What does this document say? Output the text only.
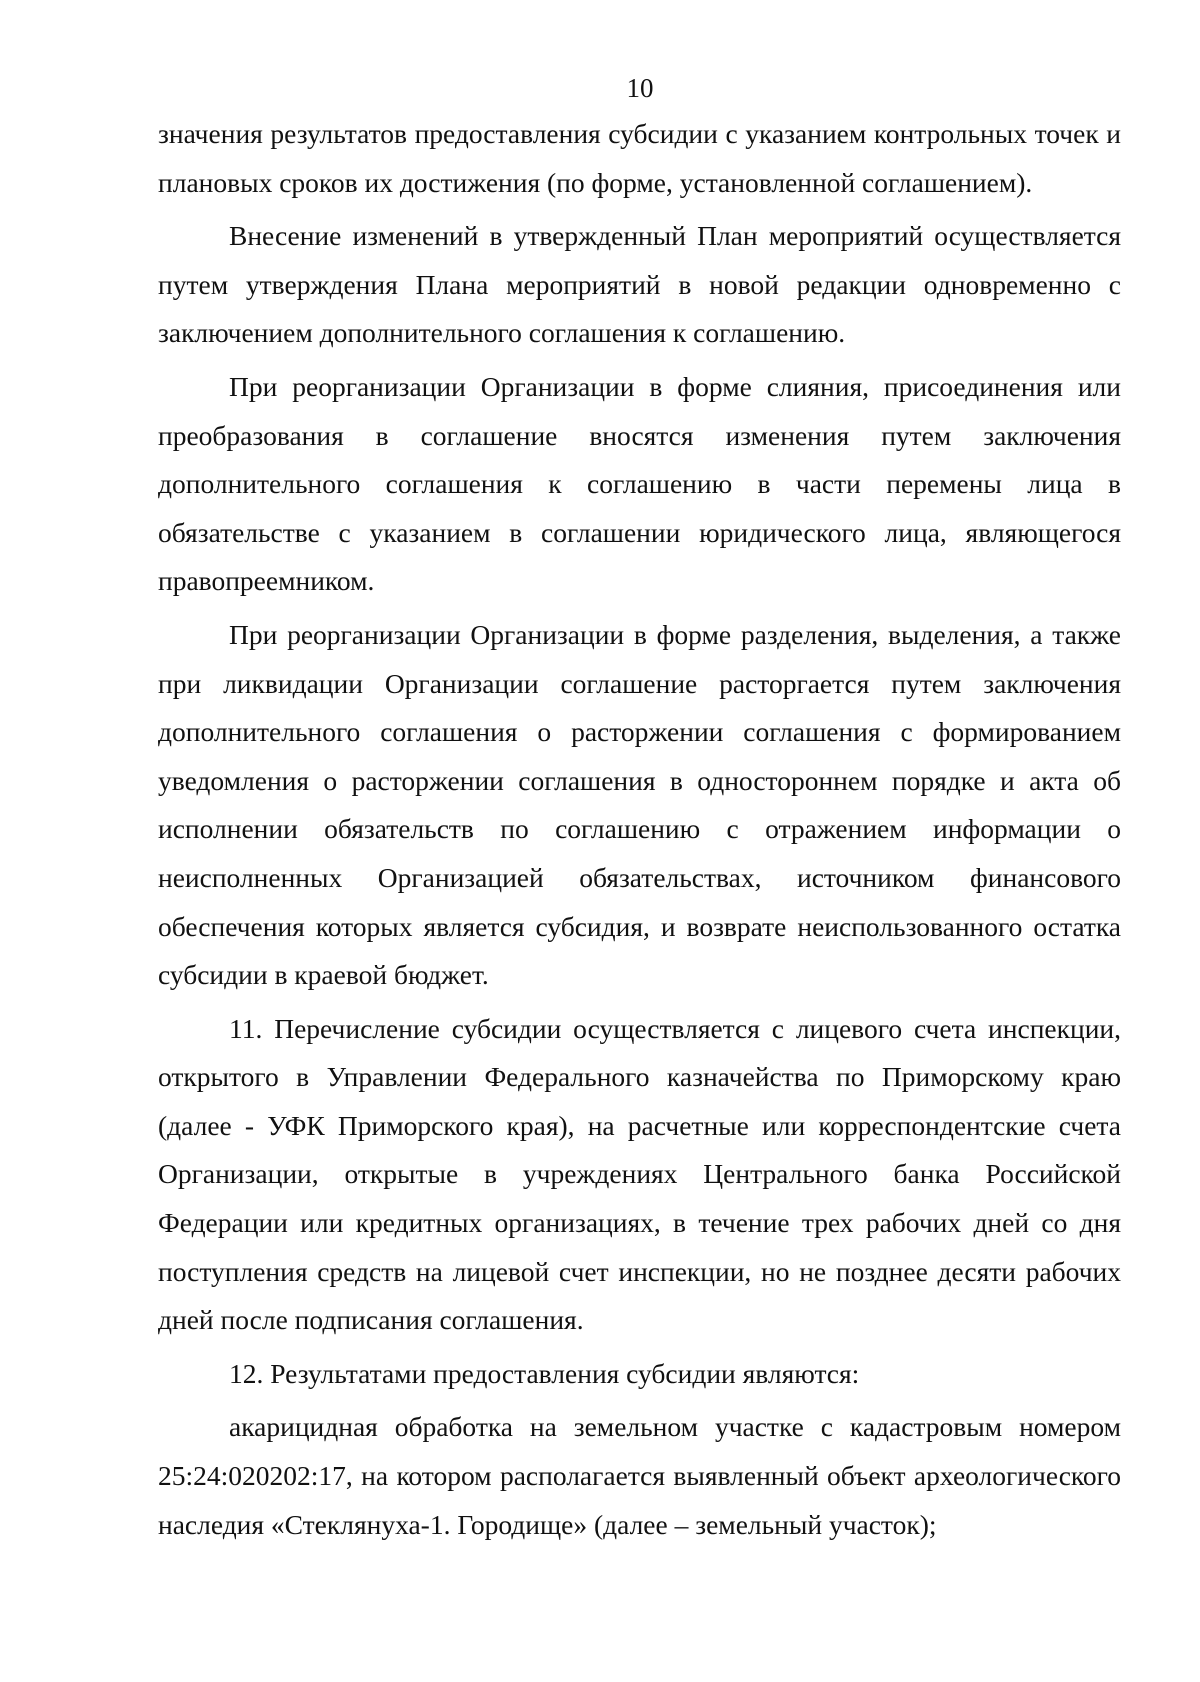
10

значения результатов предоставления субсидии с указанием контрольных точек и плановых сроков их достижения (по форме, установленной соглашением).

Внесение изменений в утвержденный План мероприятий осуществляется путем утверждения Плана мероприятий в новой редакции одновременно с заключением дополнительного соглашения к соглашению.

При реорганизации Организации в форме слияния, присоединения или преобразования в соглашение вносятся изменения путем заключения дополнительного соглашения к соглашению в части перемены лица в обязательстве с указанием в соглашении юридического лица, являющегося правопреемником.

При реорганизации Организации в форме разделения, выделения, а также при ликвидации Организации соглашение расторгается путем заключения дополнительного соглашения о расторжении соглашения с формированием уведомления о расторжении соглашения в одностороннем порядке и акта об исполнении обязательств по соглашению с отражением информации о неисполненных Организацией обязательствах, источником финансового обеспечения которых является субсидия, и возврате неиспользованного остатка субсидии в краевой бюджет.

11. Перечисление субсидии осуществляется с лицевого счета инспекции, открытого в Управлении Федерального казначейства по Приморскому краю (далее - УФК Приморского края), на расчетные или корреспондентские счета Организации, открытые в учреждениях Центрального банка Российской Федерации или кредитных организациях, в течение трех рабочих дней со дня поступления средств на лицевой счет инспекции, но не позднее десяти рабочих дней после подписания соглашения.

12. Результатами предоставления субсидии являются:

акарицидная обработка на земельном участке с кадастровым номером 25:24:020202:17, на котором располагается выявленный объект археологического наследия «Стеклянуха-1. Городище» (далее – земельный участок);
